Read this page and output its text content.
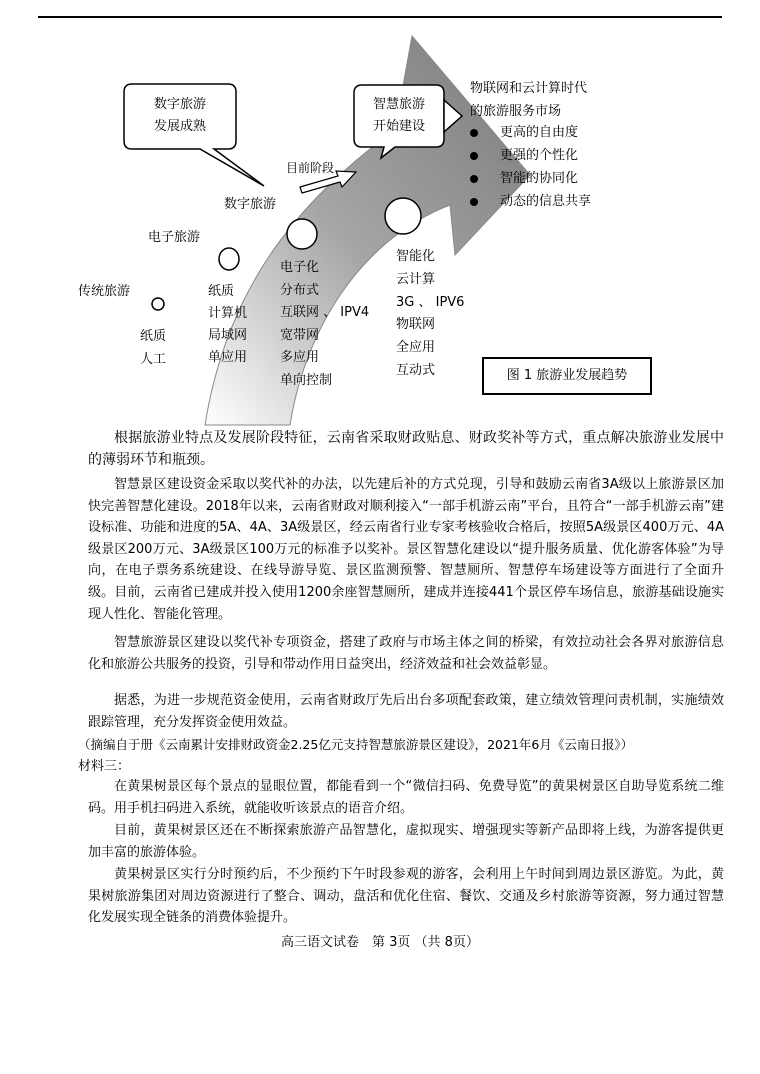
数字旅游
发展成熟
智慧旅游
开始建设
目前阶段
物联网和云计算时代
的旅游服务市场
更高的自由度
更强的个性化
智能的协同化
动态的信息共享
数字旅游
电子旅游
传统旅游
纸质
人工
纸质
计算机
局域网
单应用
电子化
分布式
互联网 、 IPV4
宽带网
多应用
单向控制
智能化
云计算
3G 、 IPV6
物联网
全应用
互动式	图 1 旅游业发展趋势
根据旅游业特点及发展阶段特征，云南省采取财政贴息、财政奖补等方式，重点解决旅游业发展中的薄弱环节和瓶颈。
智慧景区建设资金采取以奖代补的办法，以先建后补的方式兑现，引导和鼓励云南省3A级以上旅游景区加快完善智慧化建设。2018年以来，云南省财政对顺利接入“一部手机游云南”平台，且符合“一部手机游云南”建设标准、功能和进度的5A、4A、3A级景区，经云南省行业专家考核验收合格后，按照5A级景区400万元、4A级景区200万元、3A级景区100万元的标准予以奖补。景区智慧化建设以“提升服务质量、优化游客体验”为导向，在电子票务系统建设、在线导游导览、景区监测预警、智慧厕所、智慧停车场建设等方面进行了全面升级。目前，云南省已建成并投入使用1200余座智慧厕所，建成并连接441个景区停车场信息，旅游基础设施实现人性化、智能化管理。
智慧旅游景区建设以奖代补专项资金，搭建了政府与市场主体之间的桥梁，有效拉动社会各界对旅游信息化和旅游公共服务的投资，引导和带动作用日益突出，经济效益和社会效益彰显。
据悉，为进一步规范资金使用，云南省财政厅先后出台多项配套政策，建立绩效管理问责机制，实施绩效跟踪管理，充分发挥资金使用效益。
（摘编自于册《云南累计安排财政资金2.25亿元支持智慧旅游景区建设》，2021年6月《云南日报》）
材料三：
在黄果树景区每个景点的显眼位置，都能看到一个“微信扫码、免费导览”的黄果树景区自助导览系统二维码。用手机扫码进入系统，就能收听该景点的语音介绍。
目前，黄果树景区还在不断探索旅游产品智慧化，虚拟现实、增强现实等新产品即将上线，为游客提供更加丰富的旅游体验。
黄果树景区实行分时预约后，不少预约下午时段参观的游客，会利用上午时间到周边景区游览。为此，黄果树旅游集团对周边资源进行了整合、调动，盘活和优化住宿、餐饮、交通及乡村旅游等资源，努力通过智慧化发展实现全链条的消费体验提升。
高三语文试卷　第 3页 （共 8页）
